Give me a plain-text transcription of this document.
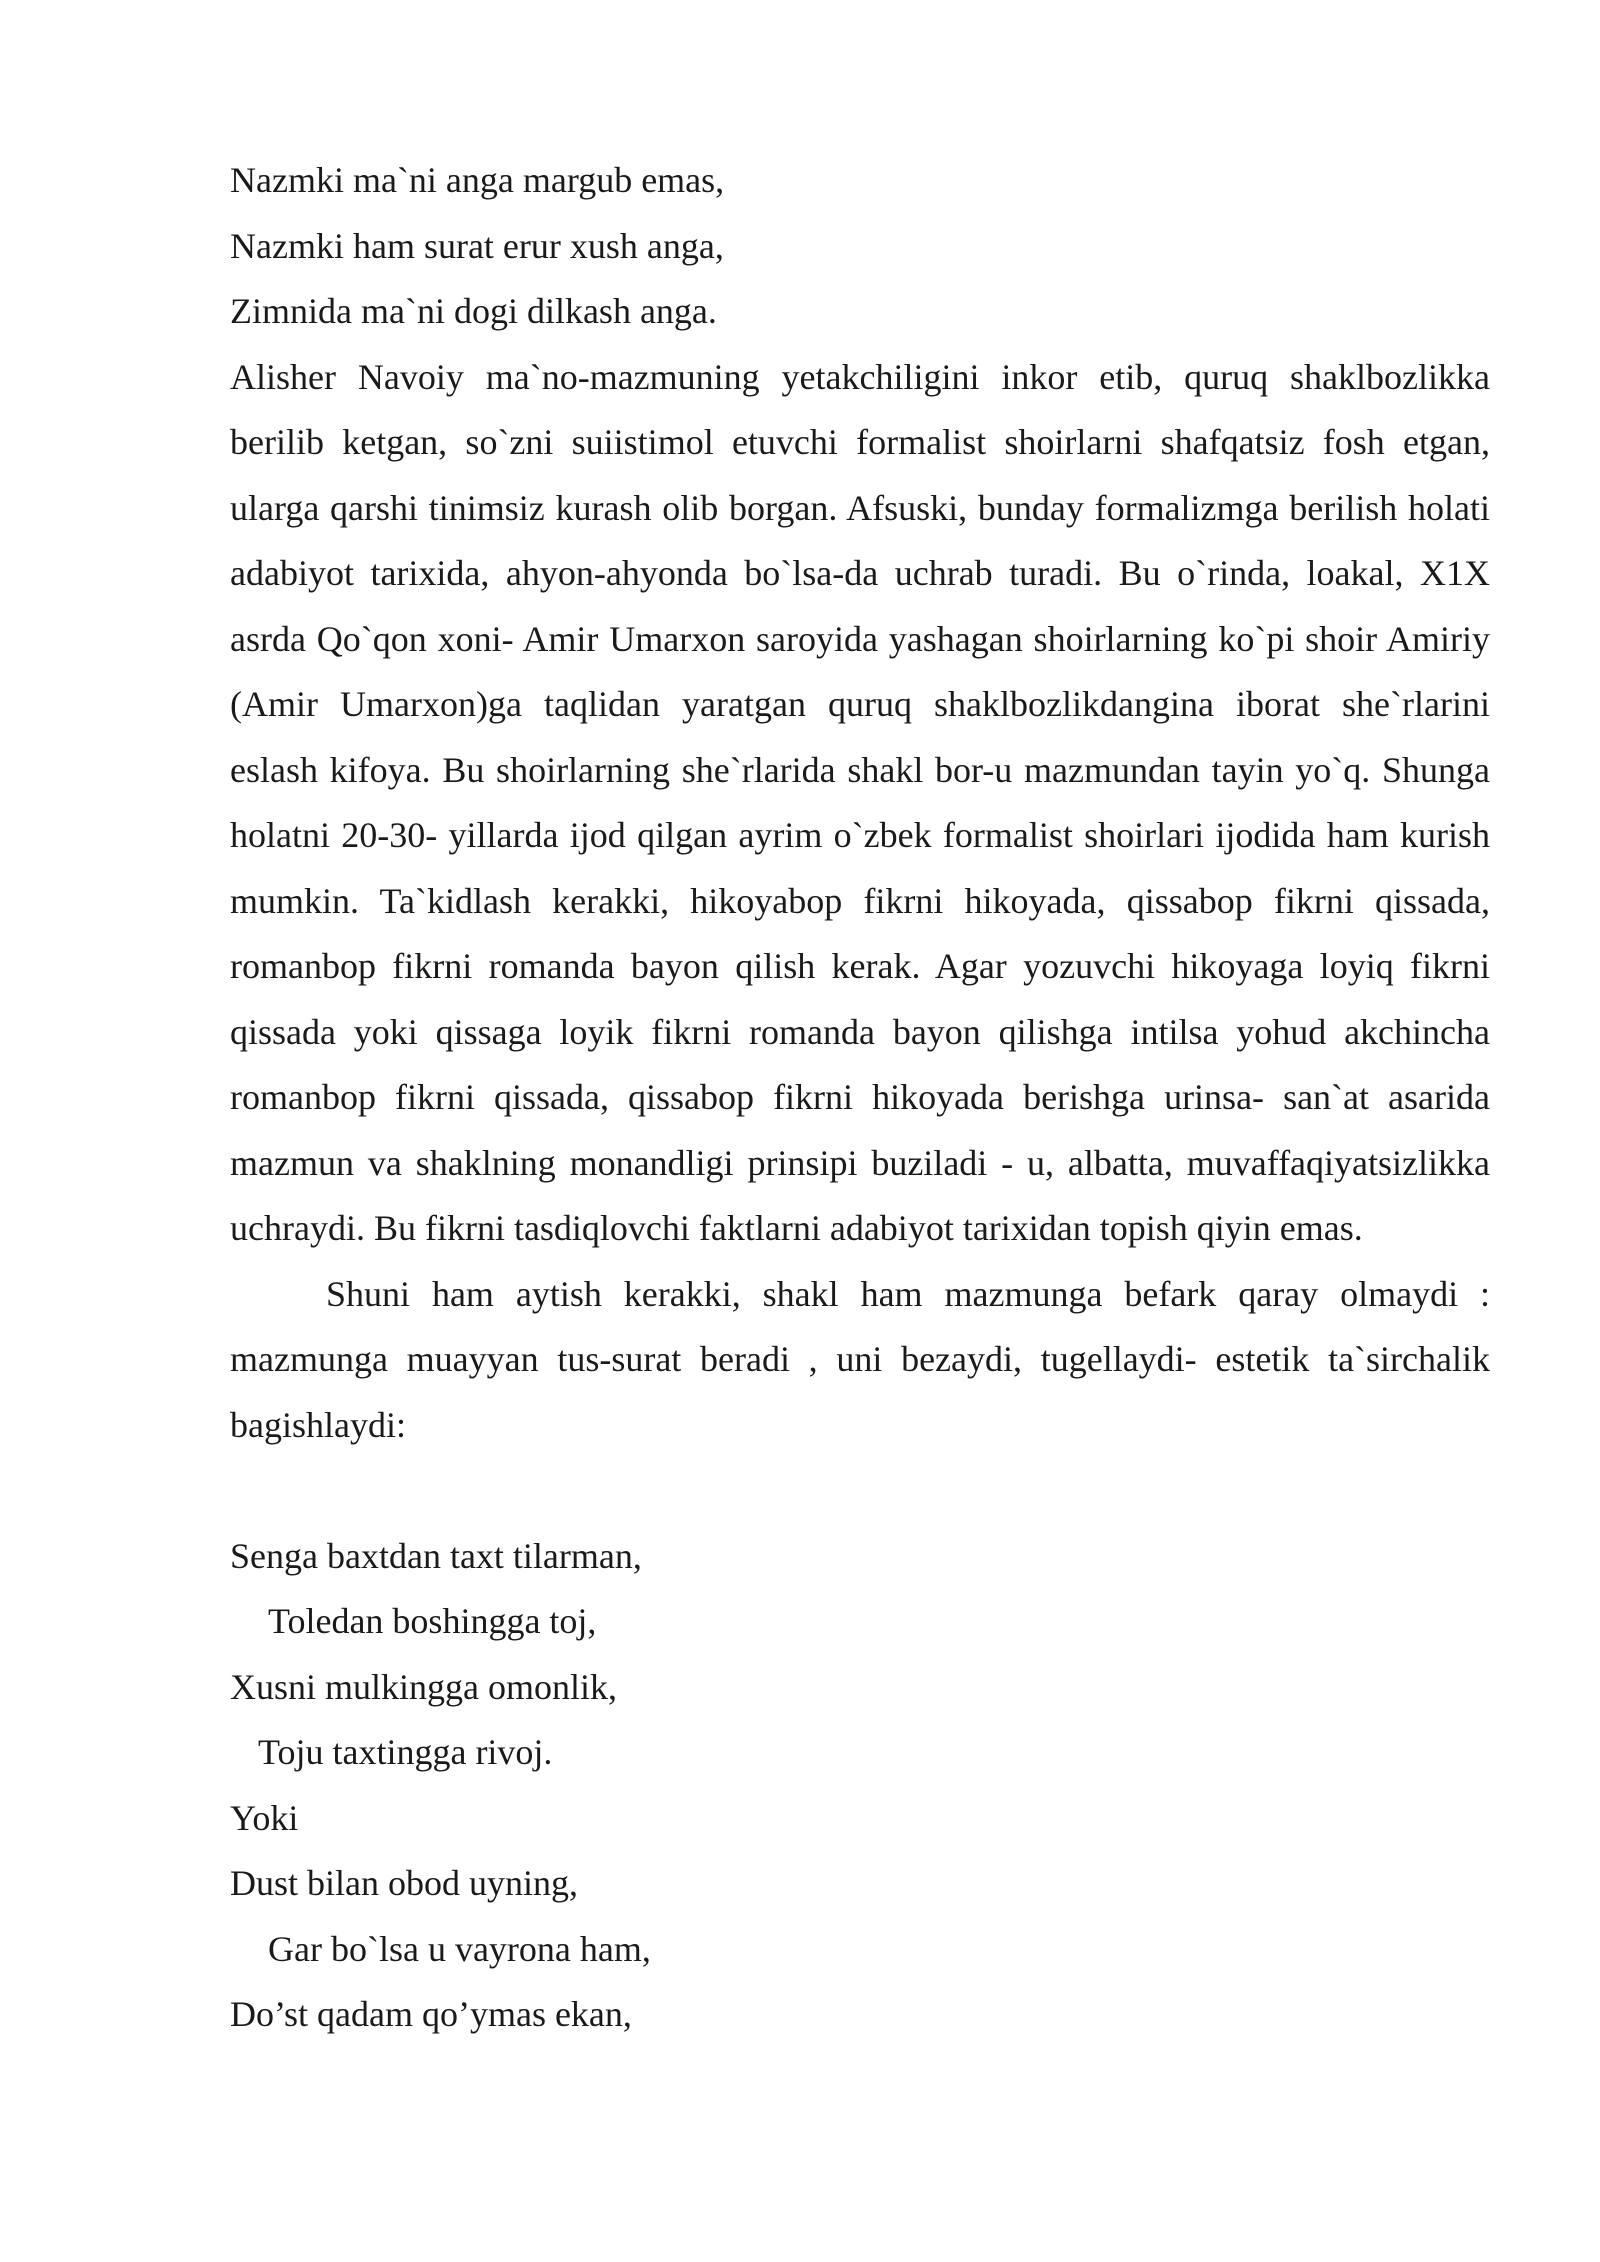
Nazmki ma`ni anga margub emas,
Nazmki ham surat erur xush anga,
Zimnida ma`ni dogi dilkash anga.

Alisher Navoiy ma`no-mazmuning yetakchiligini inkor etib, quruq shaklbozlikka berilib ketgan, so`zni suiistimol etuvchi formalist shoirlarni shafqatsiz fosh etgan, ularga qarshi tinimsiz kurash olib borgan. Afsuski, bunday formalizmga berilish holati adabiyot tarixida, ahyon-ahyonda bo`lsa-da uchrab turadi. Bu o`rinda, loakal, X1X asrda Qo`qon xoni- Amir Umarxon saroyida yashagan shoirlarning ko`pi shoir Amiriy (Amir Umarxon)ga taqlidan yaratgan quruq shaklbozlikdangina iborat she`rlarini eslash kifoya. Bu shoirlarning she`rlarida shakl bor-u mazmundan tayin yo`q. Shunga holatni 20-30- yillarda ijod qilgan ayrim o`zbek formalist shoirlari ijodida ham kurish mumkin. Ta`kidlash kerakki, hikoyabop fikrni hikoyada, qissabop fikrni qissada, romanbop fikrni romanda bayon qilish kerak. Agar yozuvchi hikoyaga loyiq fikrni qissada yoki qissaga loyik fikrni romanda bayon qilishga intilsa yohud akchincha romanbop fikrni qissada, qissabop fikrni hikoyada berishga urinsa- san`at asarida mazmun va shaklning monandligi prinsipi buziladi - u, albatta, muvaffaqiyatsizlikka uchraydi. Bu fikrni tasdiqlovchi faktlarni adabiyot tarixidan topish qiyin emas.

Shuni ham aytish kerakki, shakl ham mazmunga befark qaray olmaydi : mazmunga muayyan tus-surat beradi , uni bezaydi, tugellaydi- estetik ta`sirchalik bagishlaydi:

Senga baxtdan taxt tilarman,
Toledan boshingga toj,
Xusni mulkingga omonlik,
Toju taxtingga rivoj.
Yoki
Dust bilan obod uyning,
Gar bo`lsa u vayrona ham,
Do’st qadam qo’ymas ekan,
